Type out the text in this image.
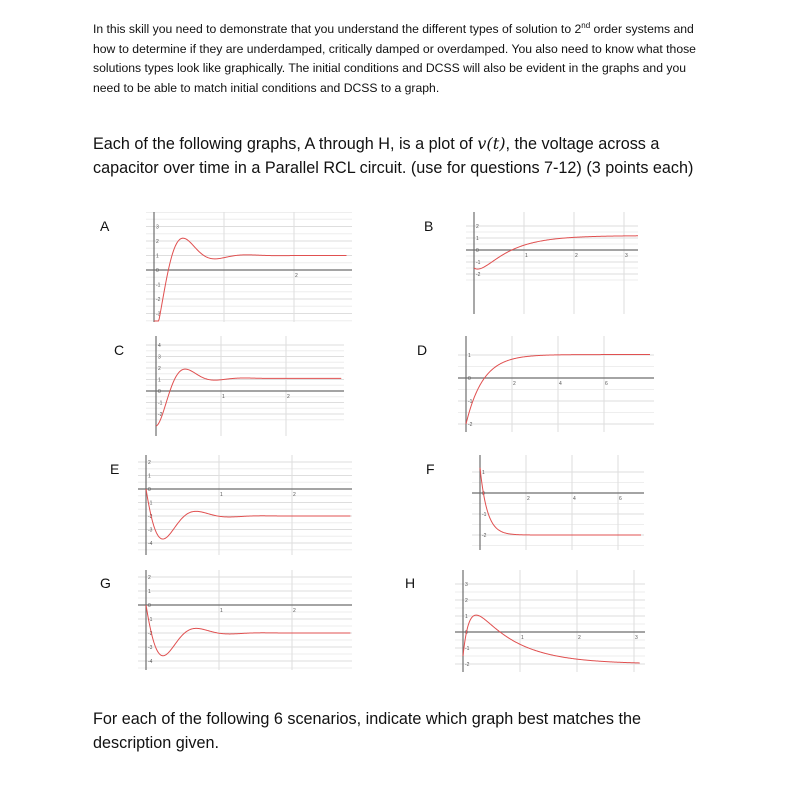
In this skill you need to demonstrate that you understand the different types of solution to 2nd order systems and how to determine if they are underdamped, critically damped or overdamped. You also need to know what those solutions types look like graphically. The initial conditions and DCSS will also be evident in the graphs and you need to be able to match initial conditions and DCSS to a graph.
Each of the following graphs, A through H, is a plot of v(t), the voltage across a capacitor over time in a Parallel RCL circuit. (use for questions 7-12) (3 points each)
A	B
C	D
E	F
G	H
3
2
1
0
-1
-2
-3
2
2
1
0
-1
-2
1	2	3
4
3
2
1
0
-1
-2
1	2
1
0
-1
-2
2	4	6
2
1
0
-1
-2
-3
-4
1	2
1
0
-1
-2
2	4	6
2
1
0
-1
-2
-3
-4
1	2
3
2
1
0
-1
-2
1	2	3
For each of the following 6 scenarios, indicate which graph best matches the description given.
